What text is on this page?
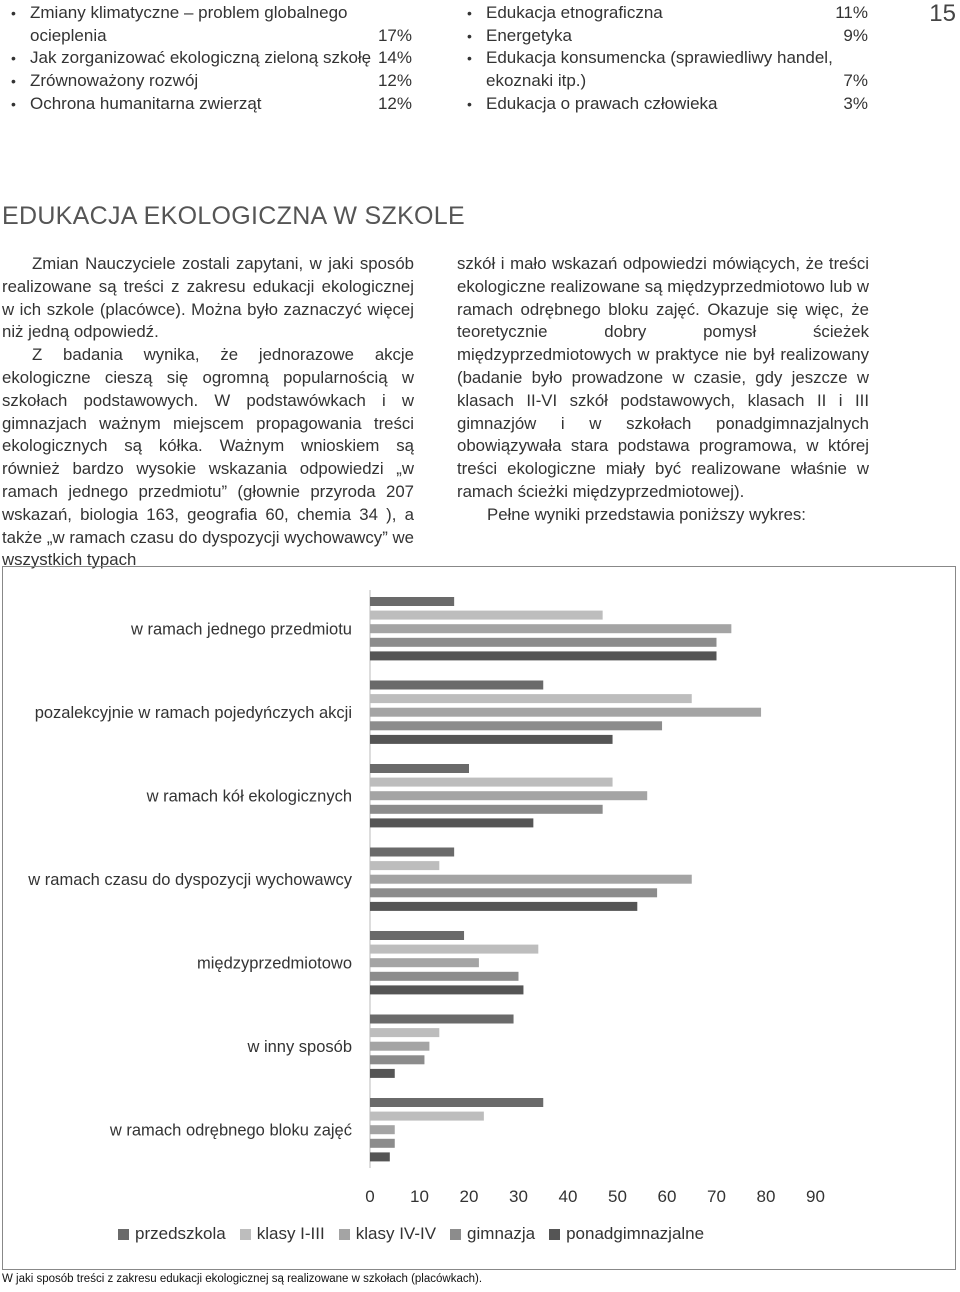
• Zmiany klimatyczne – problem globalnego ocieplenia	17%
• Jak zorganizować ekologiczną zieloną szkołę 14%
• Zrównoważony rozwój	12%
• Ochrona humanitarna zwierząt	12%
• Edukacja etnograficzna	11%
• Energetyka	9%
• Edukacja konsumencka (sprawiedliwy handel, ekoznaki itp.)	7%
• Edukacja o prawach człowieka	3%
15
EDUKACJA EKOLOGICZNA W SZKOLE

Zmian Nauczyciele zostali zapytani, w jaki sposób realizowane są treści z zakresu edukacji ekologicznej w ich szkole (placówce). Można było zaznaczyć więcej niż jedną odpowiedź.

Z badania wynika, że jednorazowe akcje ekologiczne cieszą się ogromną popularnością w szkołach podstawowych. W podstawówkach i w gimnazjach ważnym miejscem propagowania treści ekologicznych są kółka. Ważnym wnioskiem są również bardzo wysokie wskazania odpowiedzi „w ramach jednego przedmiotu” (głownie przyroda 207 wskazań, biologia 163, geografia 60, chemia 34 ), a także „w ramach czasu do dyspozycji wychowawcy” we wszystkich typach

szkół i mało wskazań odpowiedzi mówiących, że treści ekologiczne realizowane są międzyprzedmiotowo lub w ramach odrębnego bloku zajęć. Okazuje się więc, że teoretycznie dobry pomysł ścieżek międzyprzedmiotowych w praktyce nie był realizowany (badanie było prowadzone w czasie, gdy jeszcze w klasach II-VI szkół podstawowych, klasach II i III gimnazjów i w szkołach ponadgimnazjalnych obowiązywała stara podstawa programowa, w której treści ekologiczne miały być realizowane właśnie w ramach ścieżki międzyprzedmiotowej).

Pełne wyniki przedstawia poniższy wykres:

w ramach jednego przedmiotu
pozalekcyjnie w ramach pojedyńczych akcji
w ramach kół ekologicznych
w ramach czasu do dyspozycji wychowawcy
międzyprzedmiotowo
w inny sposób
w ramach odrębnego bloku zajęć
0 10 20 30 40 50 60 70 80 90
przedszkola klasy I-III klasy IV-IV gimnazja ponadgimnazjalne
W jaki sposób treści z zakresu edukacji ekologicznej są realizowane w szkołach (placówkach).
